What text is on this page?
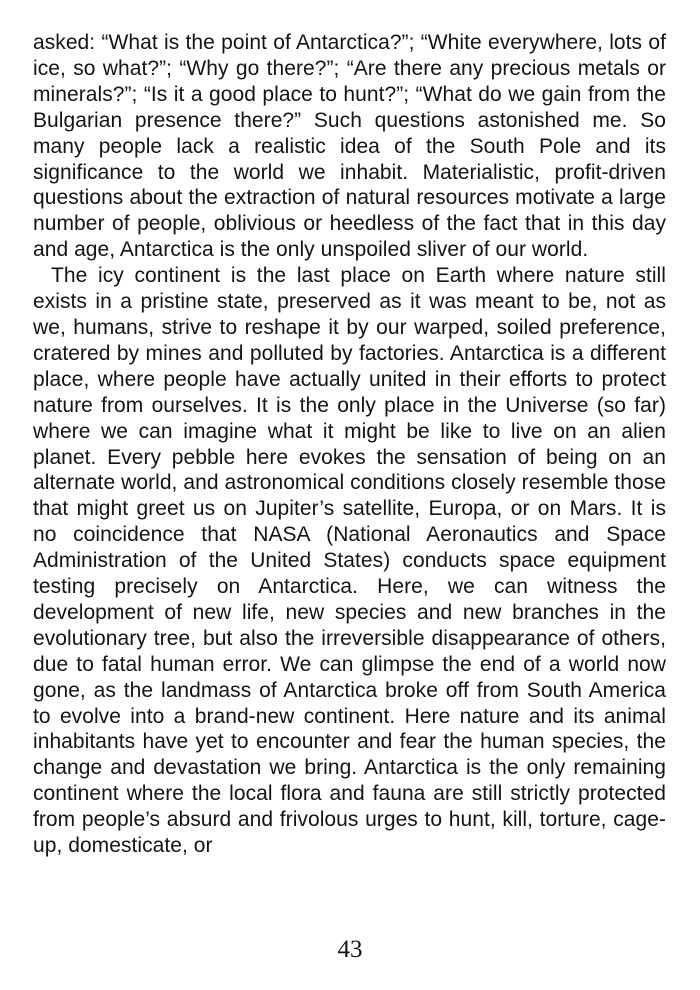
asked: “What is the point of Antarctica?”; “White everywhere, lots of ice, so what?”; “Why go there?”; “Are there any precious metals or minerals?”; “Is it a good place to hunt?”; “What do we gain from the Bulgarian presence there?” Such questions astonished me. So many people lack a realistic idea of the South Pole and its significance to the world we inhabit. Materialistic, profit-driven questions about the extraction of natural resources motivate a large number of people, oblivious or heedless of the fact that in this day and age, Antarctica is the only unspoiled sliver of our world.

The icy continent is the last place on Earth where nature still exists in a pristine state, preserved as it was meant to be, not as we, humans, strive to reshape it by our warped, soiled preference, cratered by mines and polluted by factories. Antarctica is a different place, where people have actually united in their efforts to protect nature from ourselves. It is the only place in the Universe (so far) where we can imagine what it might be like to live on an alien planet. Every pebble here evokes the sensation of being on an alternate world, and astronomical conditions closely resemble those that might greet us on Jupiter’s satellite, Europa, or on Mars. It is no coincidence that NASA (National Aeronautics and Space Administration of the United States) conducts space equipment testing precisely on Antarctica. Here, we can witness the development of new life, new species and new branches in the evolutionary tree, but also the irreversible disappearance of others, due to fatal human error. We can glimpse the end of a world now gone, as the landmass of Antarctica broke off from South America to evolve into a brand-new continent. Here nature and its animal inhabitants have yet to encounter and fear the human species, the change and devastation we bring. Antarctica is the only remaining continent where the local flora and fauna are still strictly protected from people’s absurd and frivolous urges to hunt, kill, torture, cage-up, domesticate, or

43
